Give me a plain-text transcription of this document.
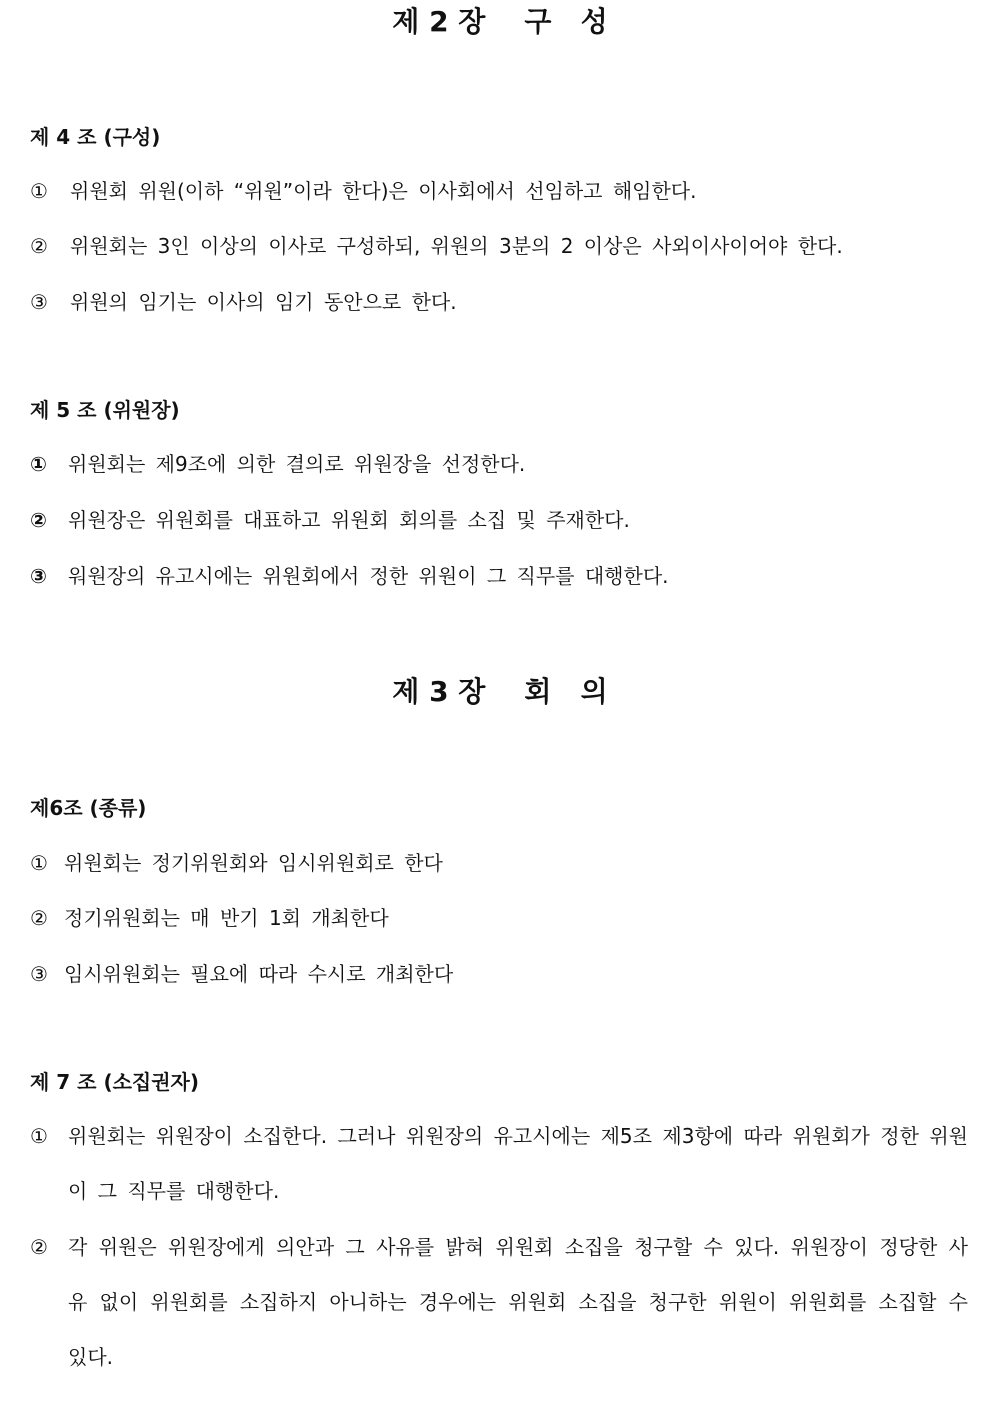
제 2 장    구   성
제 4 조 (구성)

①	위원회 위원(이하 “위원”이라 한다)은 이사회에서 선임하고 해임한다.

②	위원회는 3인 이상의 이사로 구성하되, 위원의 3분의 2 이상은 사외이사이어야 한다.

③	위원의 임기는 이사의 임기 동안으로 한다.

제 5 조 (위원장)

①	위원회는 제9조에 의한 결의로 위원장을 선정한다.

②	위원장은 위원회를 대표하고 위원회 회의를 소집 및 주재한다.

③	워원장의 유고시에는 위원회에서 정한 위원이 그 직무를 대행한다.

제 3 장    회   의
제6조 (종류)

① 위원회는 정기위원회와 임시위원회로 한다

② 정기위원회는 매 반기 1회 개최한다

③ 임시위원회는 필요에 따라 수시로 개최한다

제 7 조 (소집권자)

①	위원회는 위원장이 소집한다. 그러나 위원장의 유고시에는 제5조 제3항에 따라 위원회가 정한 위원이 그 직무를 대행한다.

②	각 위원은 위원장에게 의안과 그 사유를 밝혀 위원회 소집을 청구할 수 있다. 위원장이 정당한 사유 없이 위원회를 소집하지 아니하는 경우에는 위원회 소집을 청구한 위원이 위원회를 소집할 수 있다.
